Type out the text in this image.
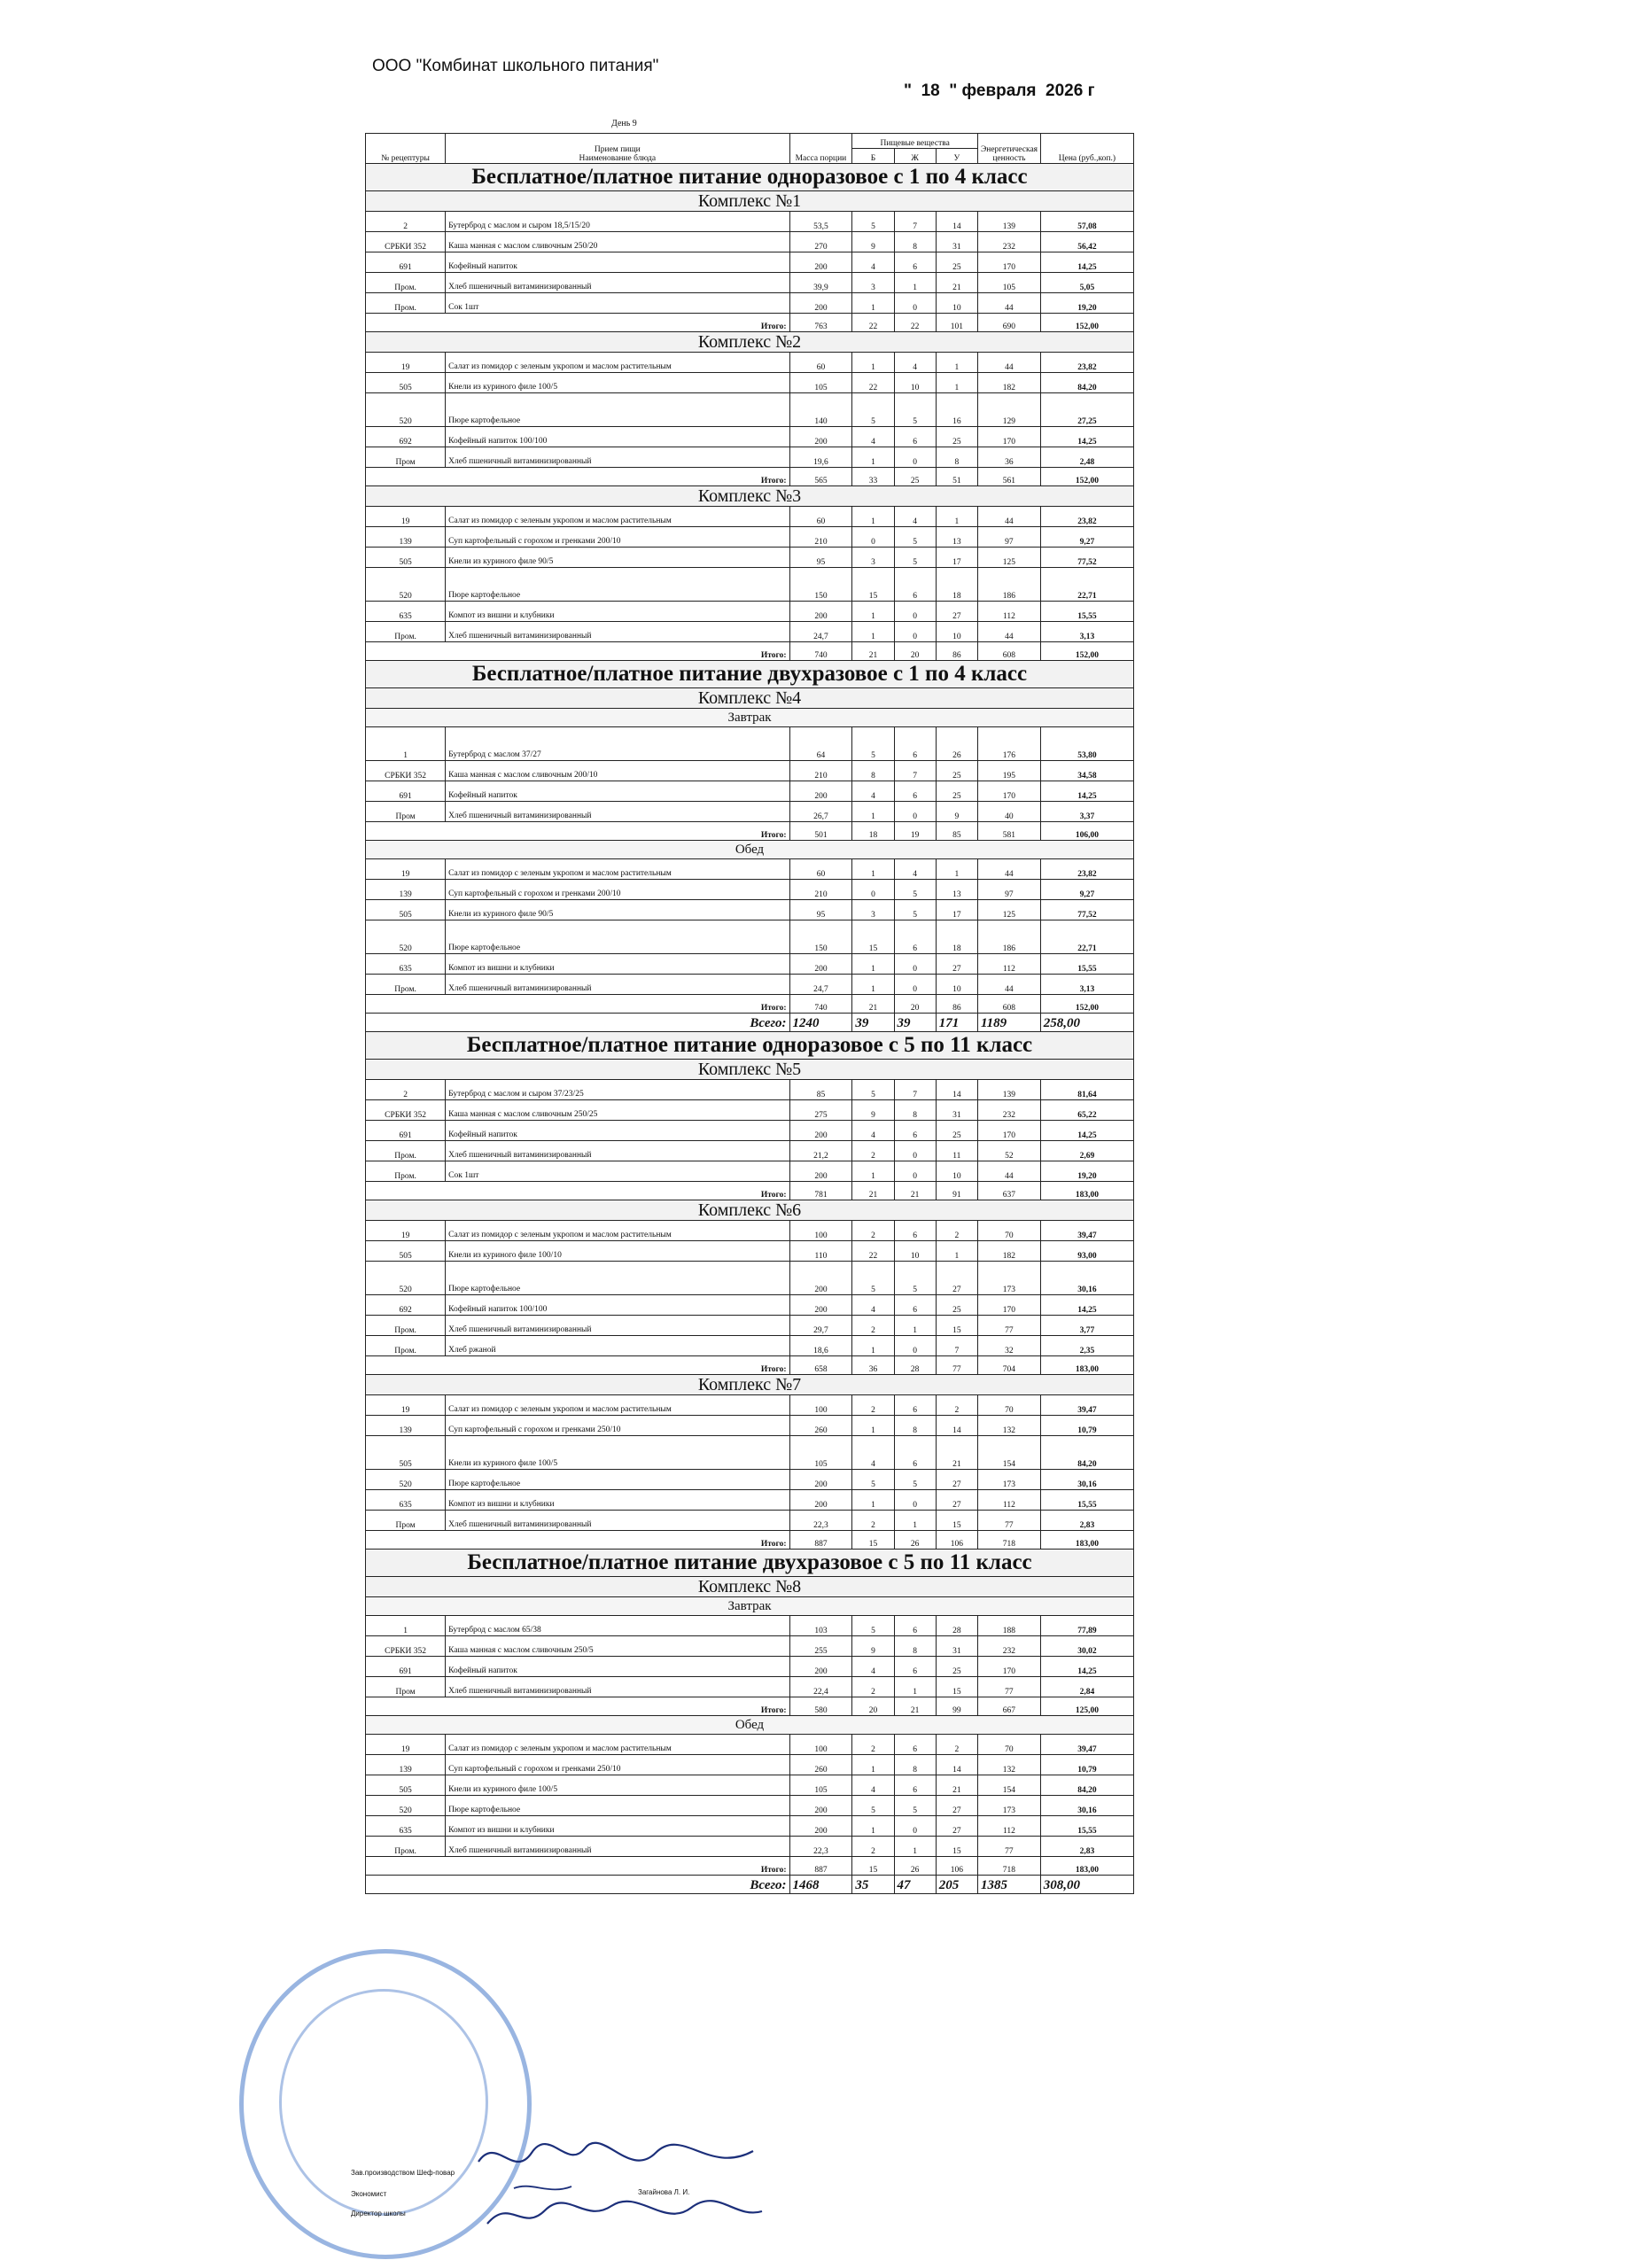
ООО "Комбинат школьного питания"
"  18  " февраля  2026 г
День 9
№ рецептуры	Прием пищи
Наименование блюда	Масса порции	Пищевые вещества			Энергетическая ценность	Цена (руб.,коп.)
			Б	Ж	У		
Бесплатное/платное питание одноразовое с 1 по 4 класс							
Комплекс №1							
2	Бутерброд с маслом и сыром 18,5/15/20	53,5	5	7	14	139	57,08
СРБКИ 352	Каша манная с маслом сливочным 250/20	270	9	8	31	232	56,42
691	Кофейный напиток	200	4	6	25	170	14,25
Пром.	Хлеб пшеничный витаминизированный	39,9	3	1	21	105	5,05
Пром.	Сок 1шт	200	1	0	10	44	19,20
Итого:		763	22	22	101	690	152,00
Комплекс №2							
19	Салат из помидор с зеленым укропом и маслом растительным	60	1	4	1	44	23,82
505	Кнели из куриного филе 100/5	105	22	10	1	182	84,20
520	Пюре картофельное	140	5	5	16	129	27,25
692	Кофейный напиток 100/100	200	4	6	25	170	14,25
Пром	Хлеб пшеничный витаминизированный	19,6	1	0	8	36	2,48
Итого:		565	33	25	51	561	152,00
Комплекс №3							
19	Салат из помидор с зеленым укропом и маслом растительным	60	1	4	1	44	23,82
139	Суп картофельный с горохом и гренками 200/10	210	0	5	13	97	9,27
505	Кнели из куриного филе 90/5	95	3	5	17	125	77,52
520	Пюре картофельное	150	15	6	18	186	22,71
635	Компот из вишни и клубники	200	1	0	27	112	15,55
Пром.	Хлеб пшеничный витаминизированный	24,7	1	0	10	44	3,13
Итого:		740	21	20	86	608	152,00
Бесплатное/платное питание двухразовое с 1 по 4 класс							
Комплекс №4							
Завтрак							
1	Бутерброд с маслом 37/27	64	5	6	26	176	53,80
СРБКИ 352	Каша манная с маслом сливочным 200/10	210	8	7	25	195	34,58
691	Кофейный напиток	200	4	6	25	170	14,25
Пром	Хлеб пшеничный витаминизированный	26,7	1	0	9	40	3,37
Итого:		501	18	19	85	581	106,00
Обед							
19	Салат из помидор с зеленым укропом и маслом растительным	60	1	4	1	44	23,82
139	Суп картофельный с горохом и гренками 200/10	210	0	5	13	97	9,27
505	Кнели из куриного филе 90/5	95	3	5	17	125	77,52
520	Пюре картофельное	150	15	6	18	186	22,71
635	Компот из вишни и клубники	200	1	0	27	112	15,55
Пром.	Хлеб пшеничный витаминизированный	24,7	1	0	10	44	3,13
Итого:		740	21	20	86	608	152,00
Всего:		1240	39	39	171	1189	258,00
Бесплатное/платное питание одноразовое с 5 по 11 класс							
Комплекс №5							
2	Бутерброд с маслом и сыром 37/23/25	85	5	7	14	139	81,64
СРБКИ 352	Каша манная с маслом сливочным 250/25	275	9	8	31	232	65,22
691	Кофейный напиток	200	4	6	25	170	14,25
Пром.	Хлеб пшеничный витаминизированный	21,2	2	0	11	52	2,69
Пром.	Сок 1шт	200	1	0	10	44	19,20
Итого:		781	21	21	91	637	183,00
Комплекс №6							
19	Салат из помидор с зеленым укропом и маслом растительным	100	2	6	2	70	39,47
505	Кнели из куриного филе 100/10	110	22	10	1	182	93,00
520	Пюре картофельное	200	5	5	27	173	30,16
692	Кофейный напиток 100/100	200	4	6	25	170	14,25
Пром.	Хлеб пшеничный витаминизированный	29,7	2	1	15	77	3,77
Пром.	Хлеб ржаной	18,6	1	0	7	32	2,35
Итого:		658	36	28	77	704	183,00
Комплекс №7							
19	Салат из помидор с зеленым укропом и маслом растительным	100	2	6	2	70	39,47
139	Суп картофельный с горохом и гренками 250/10	260	1	8	14	132	10,79
505	Кнели из куриного филе 100/5	105	4	6	21	154	84,20
520	Пюре картофельное	200	5	5	27	173	30,16
635	Компот из вишни и клубники	200	1	0	27	112	15,55
Пром	Хлеб пшеничный витаминизированный	22,3	2	1	15	77	2,83
Итого:		887	15	26	106	718	183,00
Бесплатное/платное питание двухразовое с 5 по 11 класс							
Комплекс №8							
Завтрак							
1	Бутерброд с маслом 65/38	103	5	6	28	188	77,89
СРБКИ 352	Каша манная с маслом сливочным 250/5	255	9	8	31	232	30,02
691	Кофейный напиток	200	4	6	25	170	14,25
Пром	Хлеб пшеничный витаминизированный	22,4	2	1	15	77	2,84
Итого:		580	20	21	99	667	125,00
Обед							
19	Салат из помидор с зеленым укропом и маслом растительным	100	2	6	2	70	39,47
139	Суп картофельный с горохом и гренками 250/10	260	1	8	14	132	10,79
505	Кнели из куриного филе 100/5	105	4	6	21	154	84,20
520	Пюре картофельное	200	5	5	27	173	30,16
635	Компот из вишни и клубники	200	1	0	27	112	15,55
Пром.	Хлеб пшеничный витаминизированный	22,3	2	1	15	77	2,83
Итого:		887	15	26	106	718	183,00
Всего:		1468	35	47	205	1385	308,00
Зав.производством Шеф-повар
Экономист	Загайнова Л. И.
Директор школы
